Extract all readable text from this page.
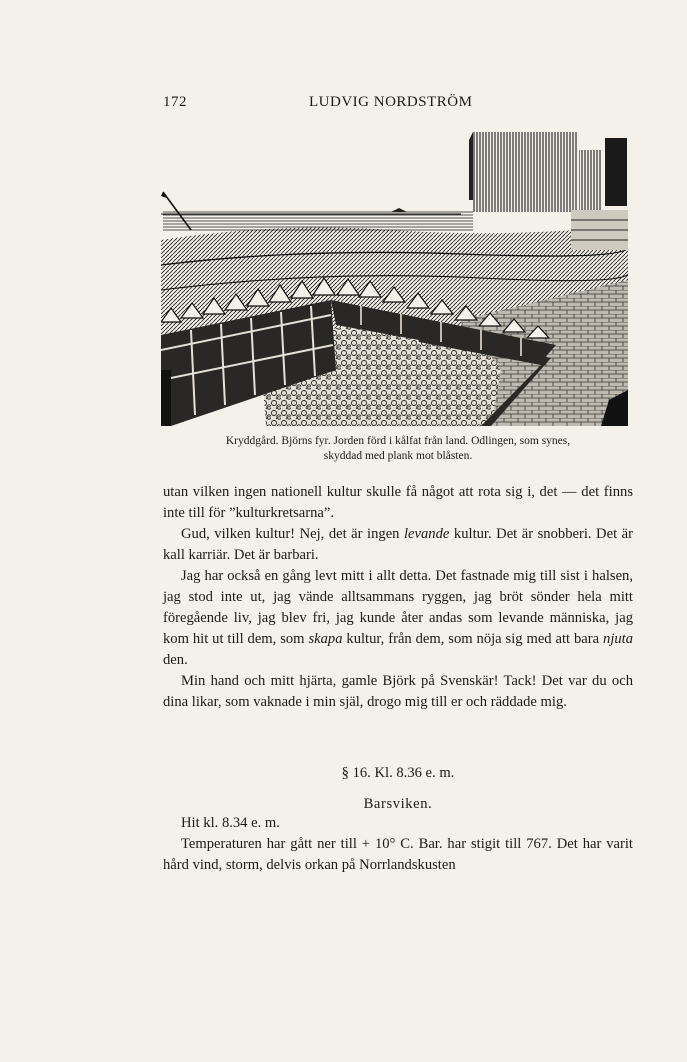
172	LUDVIG NORDSTRÖM
Kryddgård. Björns fyr. Jorden förd i kålfat från land. Odlingen, som synes,
skyddad med plank mot blåsten.

utan vilken ingen nationell kultur skulle få något att rota sig i, det — det finns inte till för ”kulturkretsarna”.

Gud, vilken kultur! Nej, det är ingen levande kultur. Det är snobberi. Det är kall karriär. Det är barbari.

Jag har också en gång levt mitt i allt detta. Det fastnade mig till sist i halsen, jag stod inte ut, jag vände alltsammans ryggen, jag bröt sönder hela mitt föregående liv, jag blev fri, jag kunde åter andas som levande människa, jag kom hit ut till dem, som skapa kultur, från dem, som nöja sig med att bara njuta den.

Min hand och mitt hjärta, gamle Björk på Svenskär! Tack! Det var du och dina likar, som vaknade i min själ, drogo mig till er och räddade mig.

§ 16. Kl. 8.36 e. m.
Barsviken.

Hit kl. 8.34 e. m.

Temperaturen har gått ner till + 10° C. Bar. har stigit till 767. Det har varit hård vind, storm, delvis orkan på Norrlandskusten
